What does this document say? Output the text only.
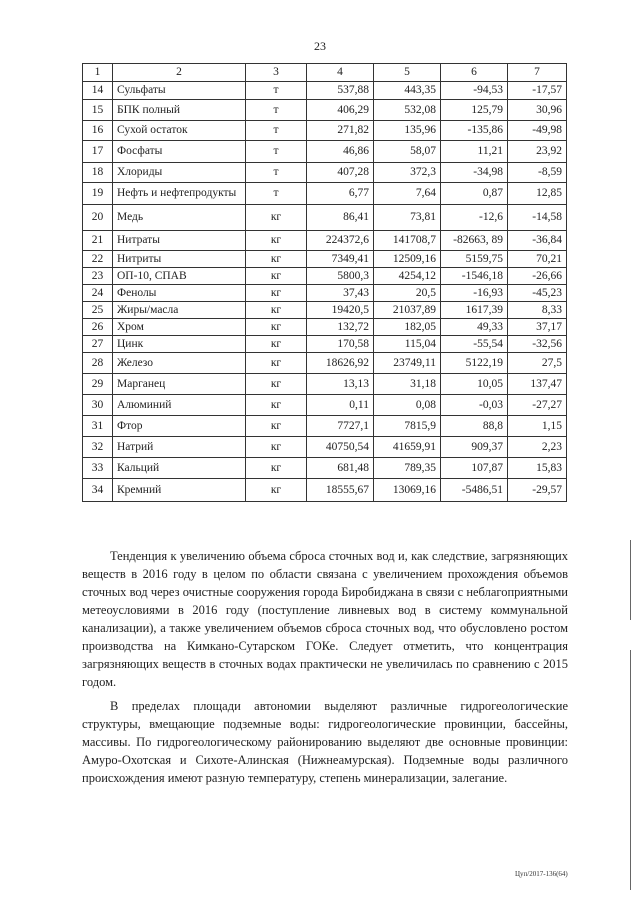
23
1	2	3	4	5	6	7
14	Сульфаты	т	537,88	443,35	-94,53	-17,57
15	БПК полный	т	406,29	532,08	125,79	30,96
16	Сухой остаток	т	271,82	135,96	-135,86	-49,98
17	Фосфаты	т	46,86	58,07	11,21	23,92
18	Хлориды	т	407,28	372,3	-34,98	-8,59
19	Нефть и нефтепродукты	т	6,77	7,64	0,87	12,85
20	Медь	кг	86,41	73,81	-12,6	-14,58
21	Нитраты	кг	224372,6	141708,7	-82663, 89	-36,84
22	Нитриты	кг	7349,41	12509,16	5159,75	70,21
23	ОП-10, СПАВ	кг	5800,3	4254,12	-1546,18	-26,66
24	Фенолы	кг	37,43	20,5	-16,93	-45,23
25	Жиры/масла	кг	19420,5	21037,89	1617,39	8,33
26	Хром	кг	132,72	182,05	49,33	37,17
27	Цинк	кг	170,58	115,04	-55,54	-32,56
28	Железо	кг	18626,92	23749,11	5122,19	27,5
29	Марганец	кг	13,13	31,18	10,05	137,47
30	Алюминий	кг	0,11	0,08	-0,03	-27,27
31	Фтор	кг	7727,1	7815,9	88,8	1,15
32	Натрий	кг	40750,54	41659,91	909,37	2,23
33	Кальций	кг	681,48	789,35	107,87	15,83
34	Кремний	кг	18555,67	13069,16	-5486,51	-29,57

Тенденция к увеличению объема сброса сточных вод и, как следствие, загрязняющих веществ в 2016 году в целом по области связана с увеличением прохождения объемов сточных вод через очистные сооружения города Биробиджана в связи с неблагоприятными метеоусловиями в 2016 году (поступление ливневых вод в систему коммунальной канализации), а также увеличением объемов сброса сточных вод, что обусловлено ростом производства на Кимкано-Сутарском ГОКе. Следует отметить, что концентрация загрязняющих веществ в сточных водах практически не увеличилась по сравнению с 2015 годом.

В пределах площади автономии выделяют различные гидрогеологические структуры, вмещающие подземные воды: гидрогеологические провинции, бассейны, массивы. По гидрогеологическому районированию выделяют две основные провинции: Амуро-Охотская и Сихоте-Алинская (Нижнеамурская). Подземные воды различного происхождения имеют разную температуру, степень минерализации, залегание.

Цуп/2017-136(64)
